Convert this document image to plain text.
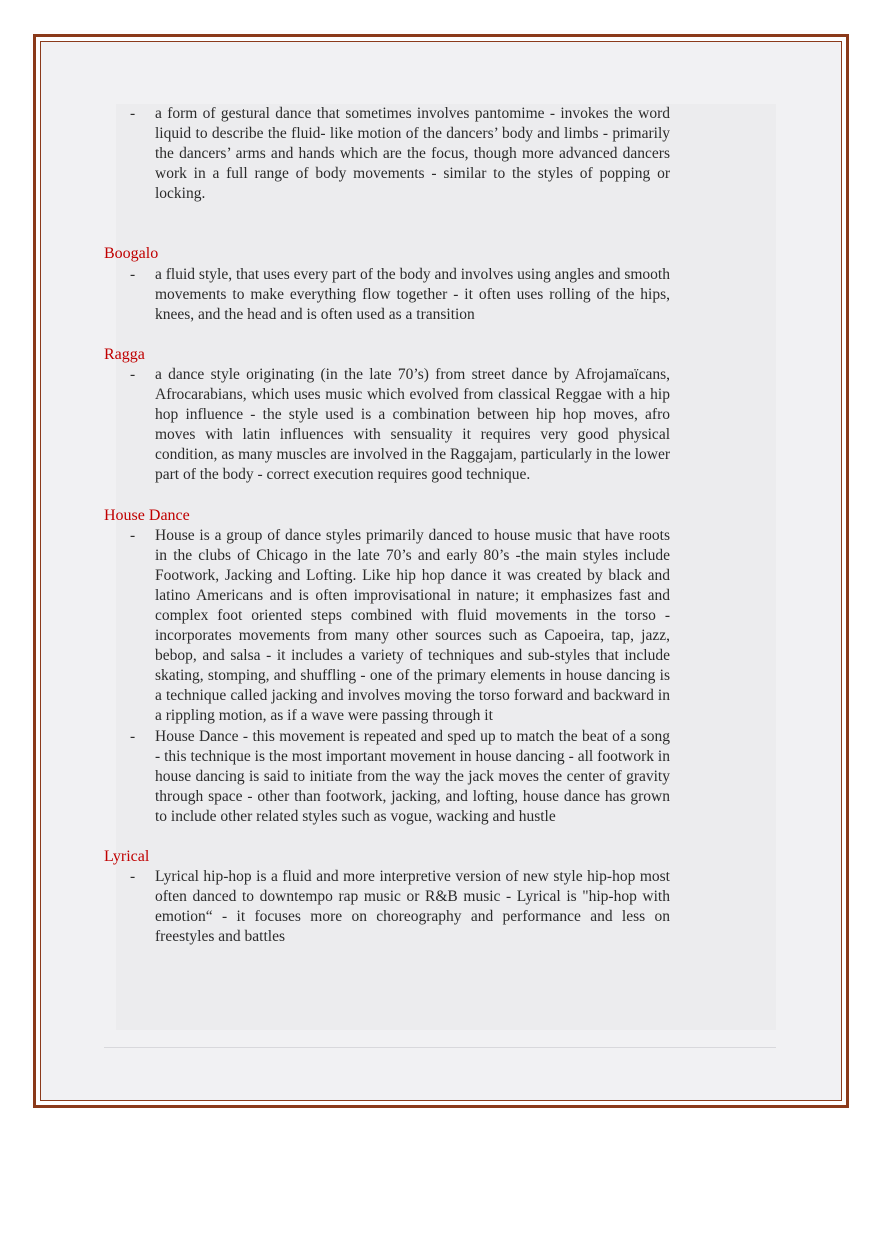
- a form of gestural dance that sometimes involves pantomime - invokes the word liquid to describe the fluid- like motion of the dancers’ body and limbs - primarily the dancers’ arms and hands which are the focus, though more advanced dancers work in a full range of body movements - similar to the styles of popping or locking.

Boogalo

- a fluid style, that uses every part of the body and involves using angles and smooth movements to make everything flow together - it often uses rolling of the hips, knees, and the head and is often used as a transition

Ragga

- a dance style originating (in the late 70’s) from street dance by Afrojamaïcans, Afrocarabians, which uses music which evolved from classical Reggae with a hip hop influence - the style used is a combination between hip hop moves, afro moves with latin influences with sensuality it requires very good physical condition, as many muscles are involved in the Raggajam, particularly in the lower part of the body - correct execution requires good technique.

House Dance

- House is a group of dance styles primarily danced to house music that have roots in the clubs of Chicago in the late 70’s and early 80’s -the main styles include Footwork, Jacking and Lofting. Like hip hop dance it was created by black and latino Americans and is often improvisational in nature; it emphasizes fast and complex foot oriented steps combined with fluid movements in the torso - incorporates movements from many other sources such as Capoeira, tap, jazz, bebop, and salsa - it includes a variety of techniques and sub-styles that include skating, stomping, and shuffling - one of the primary elements in house dancing is a technique called jacking and involves moving the torso forward and backward in a rippling motion, as if a wave were passing through it
- House Dance - this movement is repeated and sped up to match the beat of a song - this technique is the most important movement in house dancing - all footwork in house dancing is said to initiate from the way the jack moves the center of gravity through space - other than footwork, jacking, and lofting, house dance has grown to include other related styles such as vogue, wacking and hustle

Lyrical

- Lyrical hip-hop is a fluid and more interpretive version of new style hip-hop most often danced to downtempo rap music or R&B music - Lyrical is "hip-hop with emotion“ - it focuses more on choreography and performance and less on freestyles and battles
